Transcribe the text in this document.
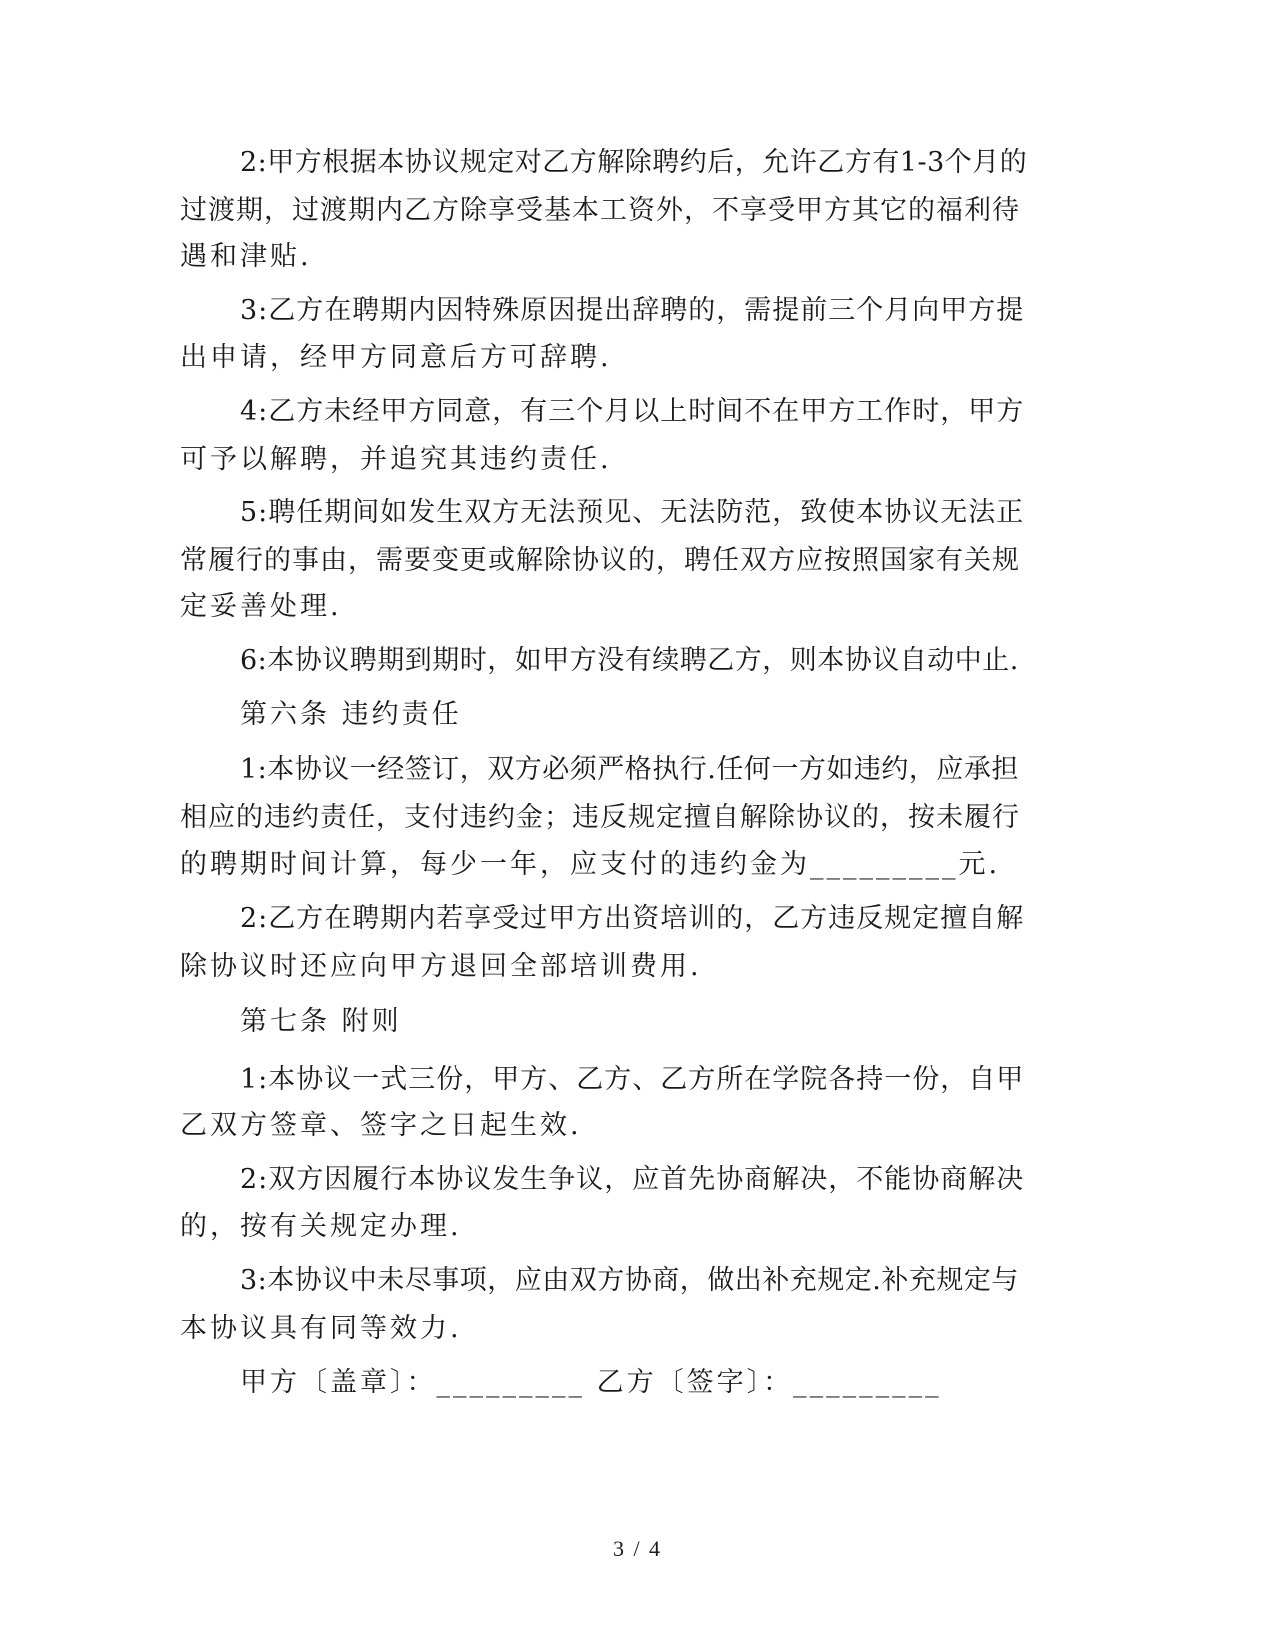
2:甲方根据本协议规定对乙方解除聘约后，允许乙方有1-3个月的
过渡期，过渡期内乙方除享受基本工资外，不享受甲方其它的福利待
遇和津贴.
3:乙方在聘期内因特殊原因提出辞聘的，需提前三个月向甲方提
出申请，经甲方同意后方可辞聘.
4:乙方未经甲方同意，有三个月以上时间不在甲方工作时，甲方
可予以解聘，并追究其违约责任.
5:聘任期间如发生双方无法预见、无法防范，致使本协议无法正
常履行的事由，需要变更或解除协议的，聘任双方应按照国家有关规
定妥善处理.
6:本协议聘期到期时，如甲方没有续聘乙方，则本协议自动中止.
第六条 违约责任
1:本协议一经签订，双方必须严格执行.任何一方如违约，应承担
相应的违约责任，支付违约金；违反规定擅自解除协议的，按未履行
的聘期时间计算，每少一年，应支付的违约金为_________元.
2:乙方在聘期内若享受过甲方出资培训的，乙方违反规定擅自解
除协议时还应向甲方退回全部培训费用.
第七条 附则
1:本协议一式三份，甲方、乙方、乙方所在学院各持一份，自甲
乙双方签章、签字之日起生效.
2:双方因履行本协议发生争议，应首先协商解决，不能协商解决
的，按有关规定办理.
3:本协议中未尽事项，应由双方协商，做出补充规定.补充规定与
本协议具有同等效力.
甲方〔盖章〕：_________ 乙方〔签字〕：_________
3 / 4
